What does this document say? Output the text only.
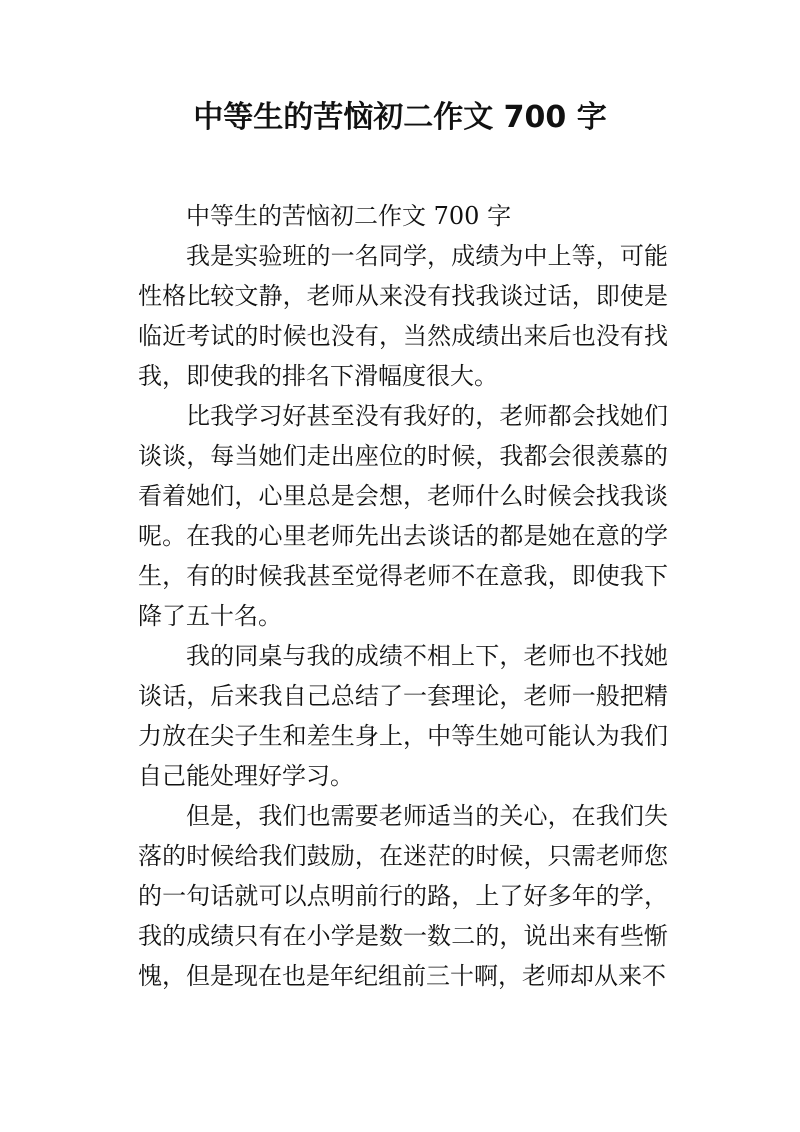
中等生的苦恼初二作文 700 字

中等生的苦恼初二作文 700 字

我是实验班的一名同学，成绩为中上等，可能性格比较文静，老师从来没有找我谈过话，即使是临近考试的时候也没有，当然成绩出来后也没有找我，即使我的排名下滑幅度很大。

比我学习好甚至没有我好的，老师都会找她们谈谈，每当她们走出座位的时候，我都会很羡慕的看着她们，心里总是会想，老师什么时候会找我谈呢。在我的心里老师先出去谈话的都是她在意的学生，有的时候我甚至觉得老师不在意我，即使我下降了五十名。

我的同桌与我的成绩不相上下，老师也不找她谈话，后来我自己总结了一套理论，老师一般把精力放在尖子生和差生身上，中等生她可能认为我们自己能处理好学习。

但是，我们也需要老师适当的关心，在我们失落的时候给我们鼓励，在迷茫的时候，只需老师您的一句话就可以点明前行的路，上了好多年的学，我的成绩只有在小学是数一数二的，说出来有些惭愧，但是现在也是年纪组前三十啊，老师却从来不
